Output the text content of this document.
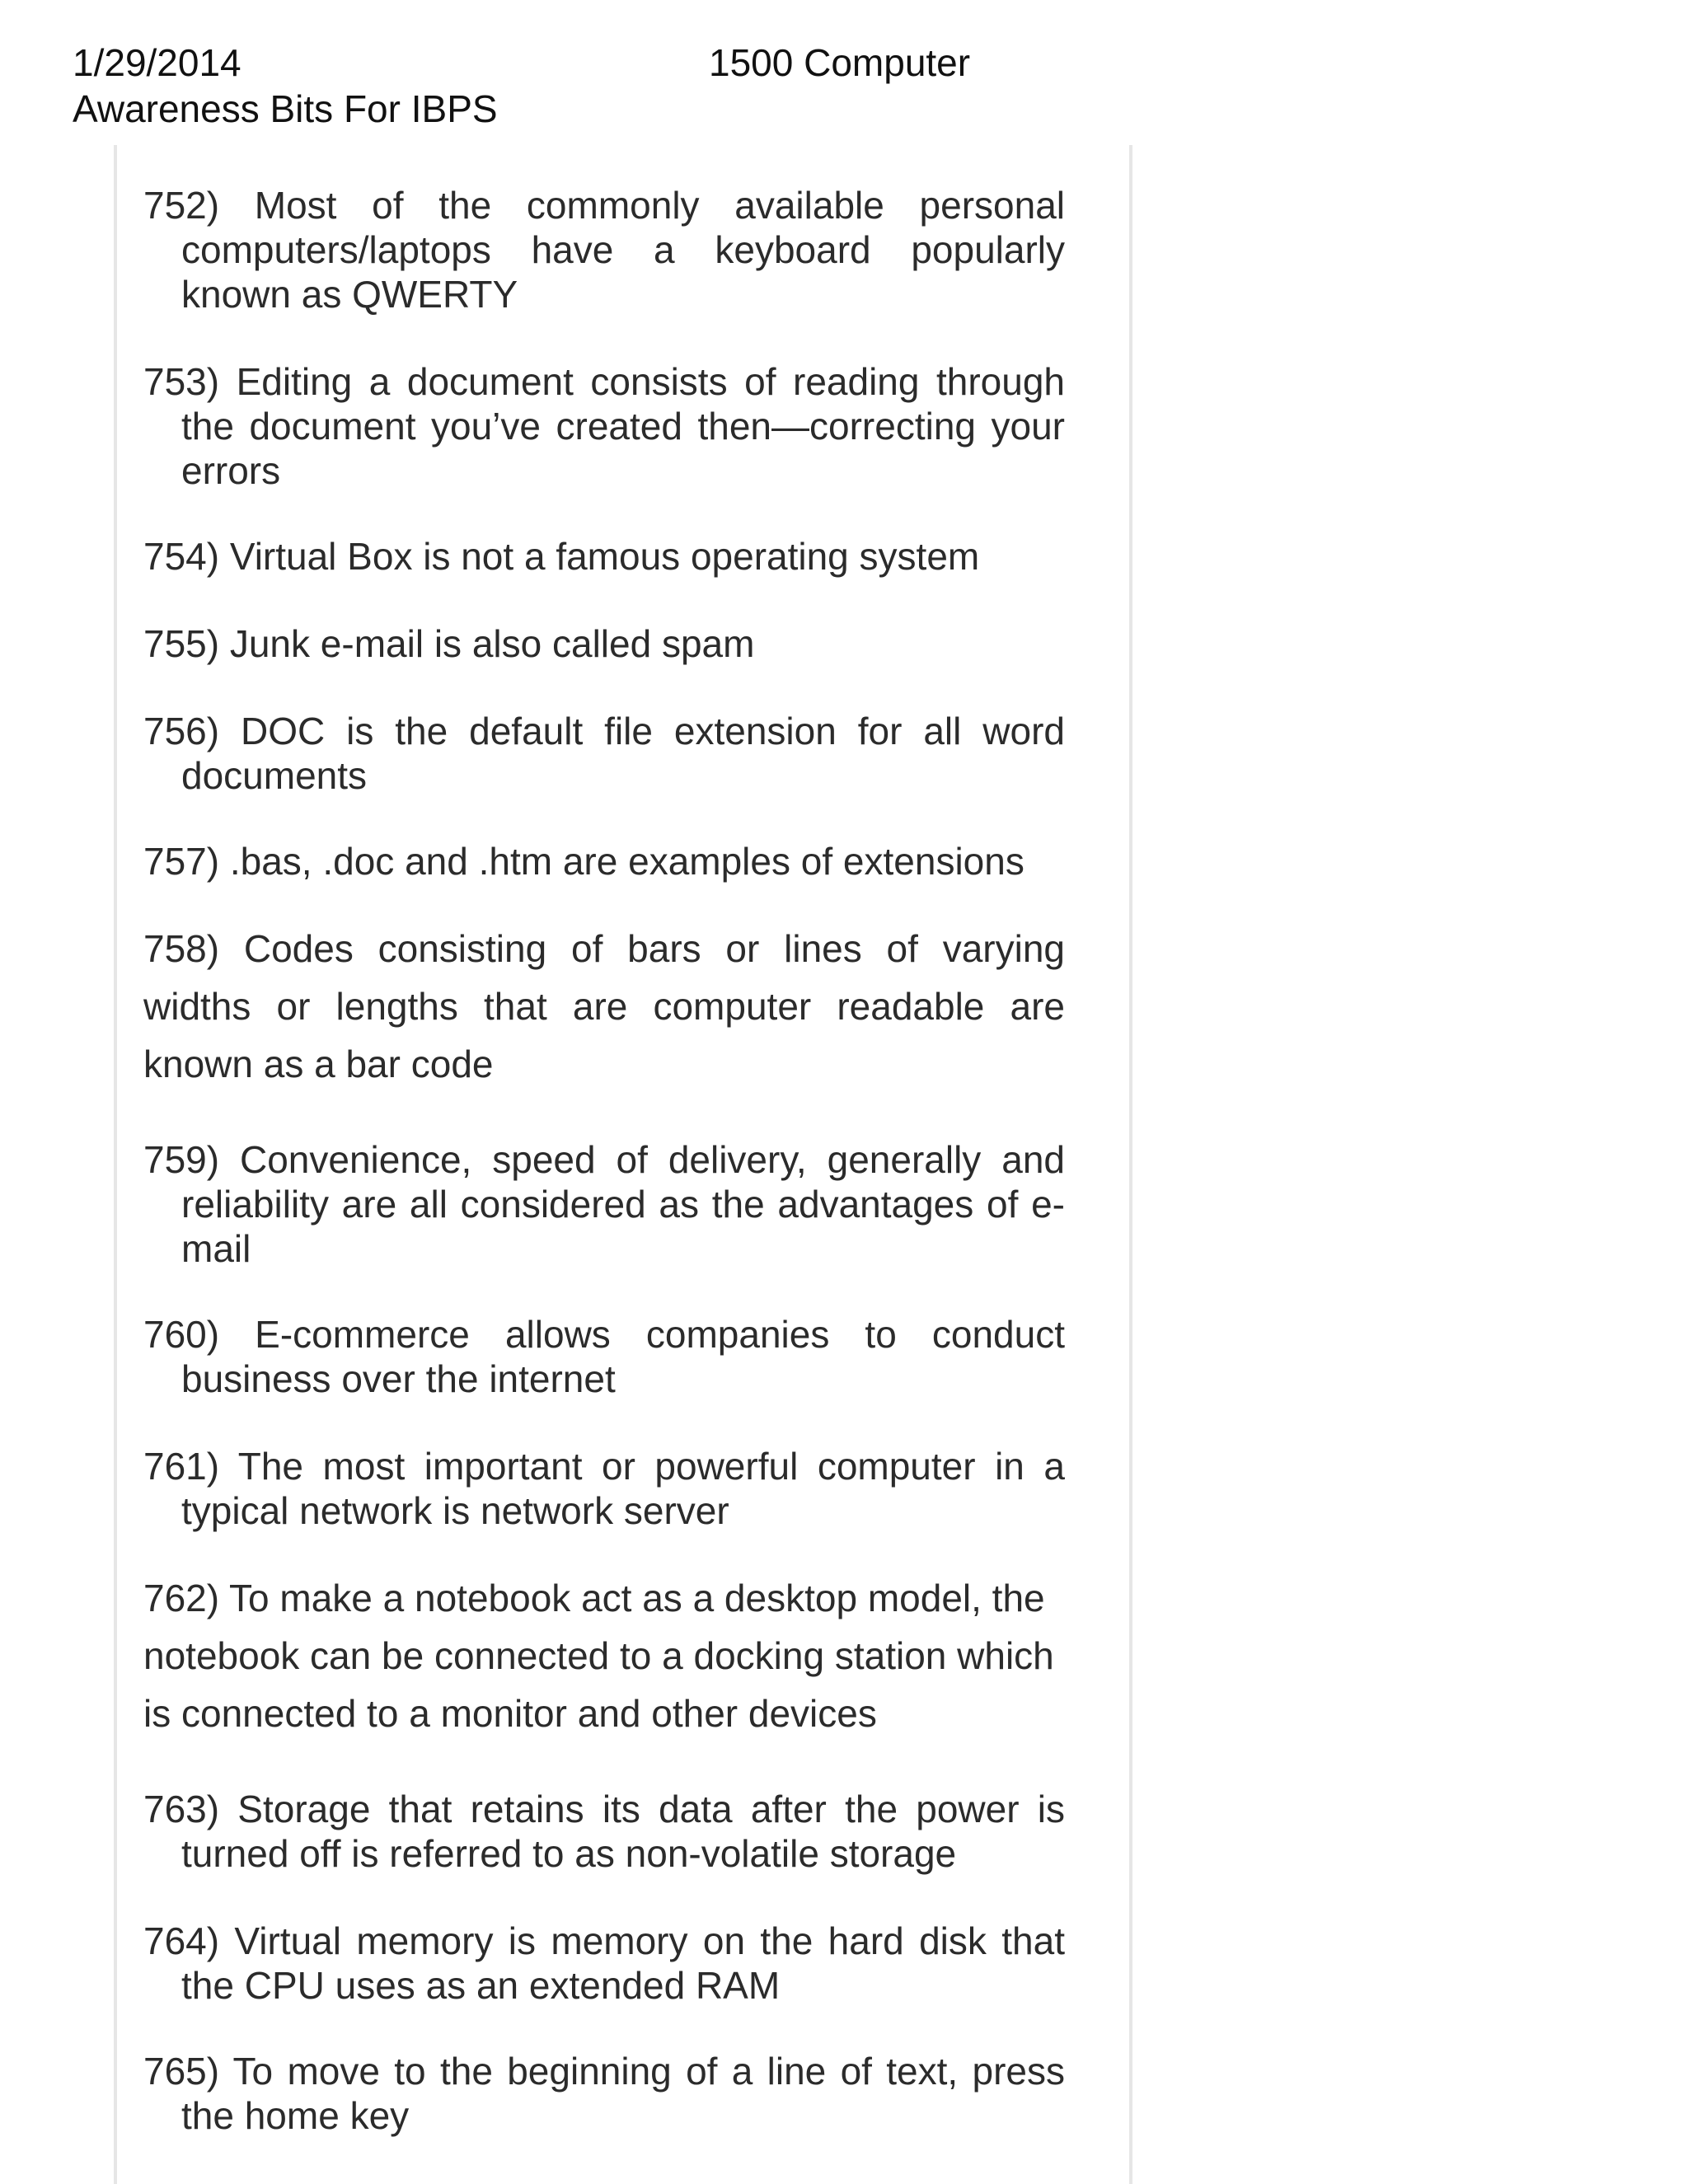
1/29/2014	1500 Computer
Awareness Bits For IBPS
752) Most of the commonly available personal computers/laptops have a keyboard popularly known as QWERTY
753) Editing a document consists of reading through the document you’ve created then—correcting your errors
754) Virtual Box is not a famous operating system
755) Junk e-mail is also called spam
756) DOC is the default file extension for all word documents
757) .bas, .doc and .htm are examples of extensions
758) Codes consisting of bars or lines of varying widths or lengths that are computer readable are known as a bar code
759) Convenience, speed of delivery, generally and reliability are all considered as the advantages of e-mail
760) E-commerce allows companies to conduct business over the internet
761) The most important or powerful computer in a typical network is network server
762) To make a notebook act as a desktop model, the notebook can be connected to a docking station which is connected to a monitor and other devices
763) Storage that retains its data after the power is turned off is referred to as non-volatile storage
764) Virtual memory is memory on the hard disk that the CPU uses as an extended RAM
765) To move to the beginning of a line of text, press the home key
